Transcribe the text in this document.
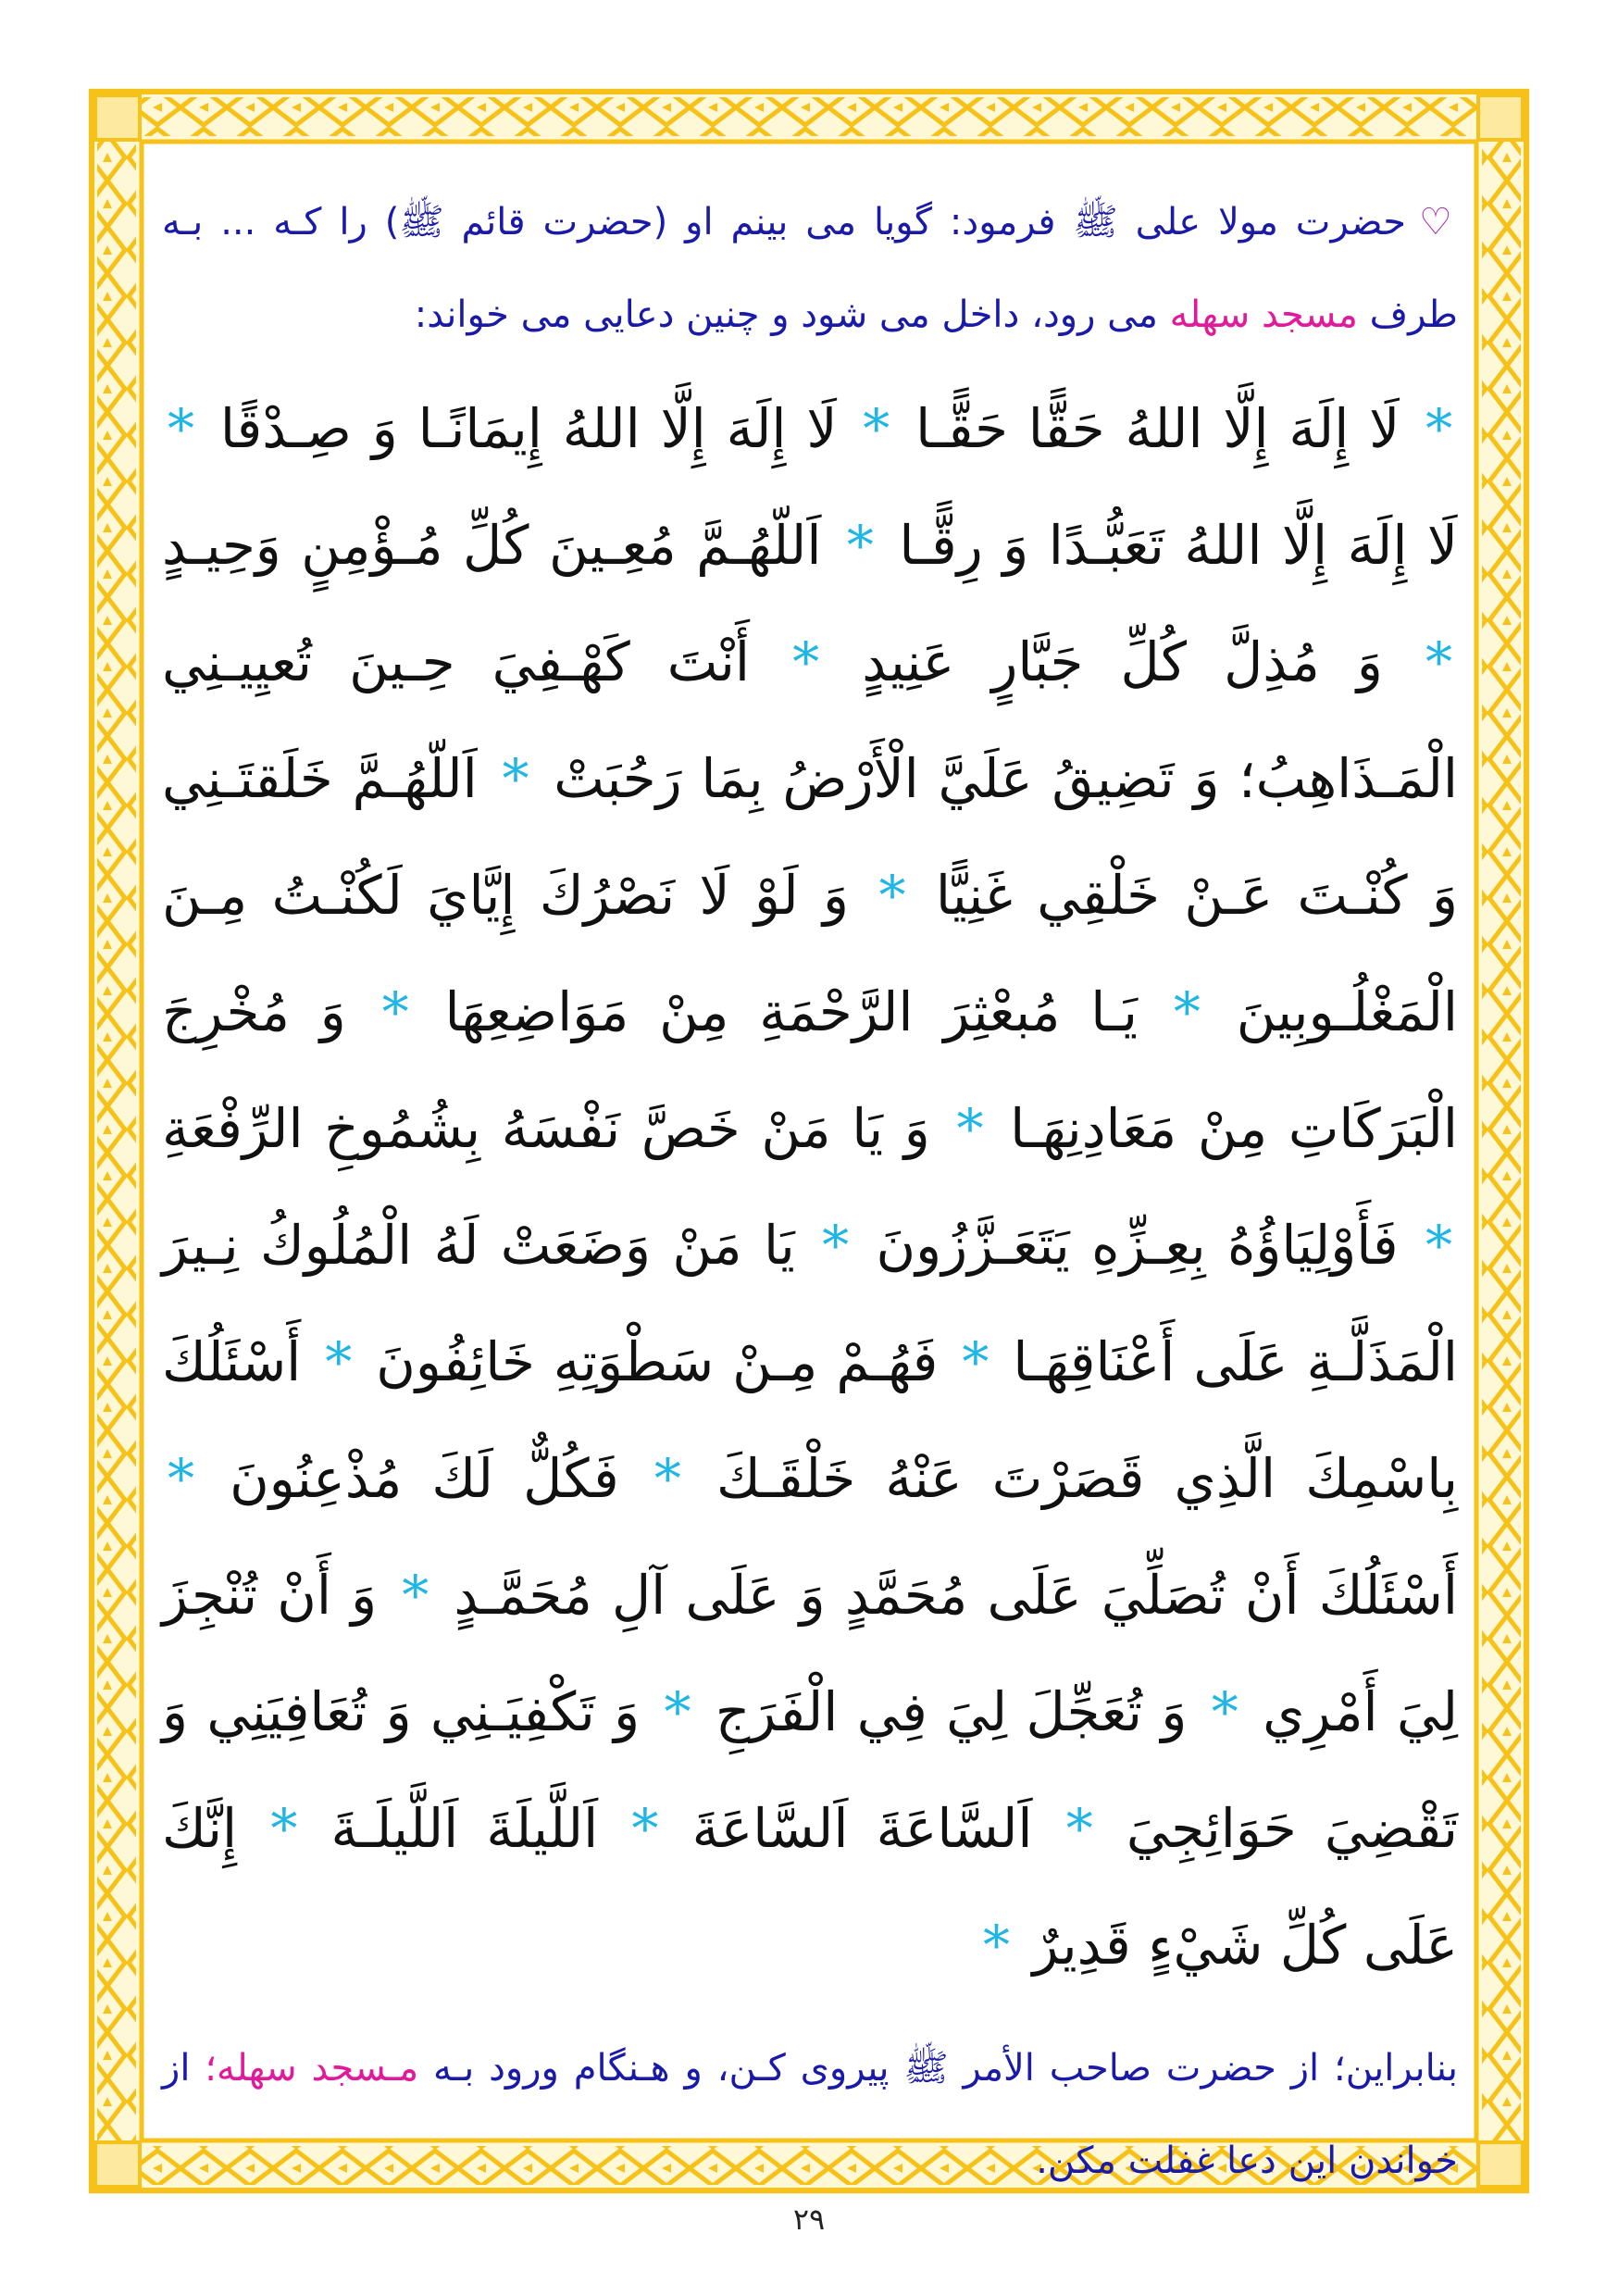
♡حضرت مولا علی ﷺ فرمود: گویا می بینم او (حضرت قائم ﷺ) را کـه ... بـه طرف مسجد سهله می رود، داخل می شود و چنین دعایی می خواند:

* لَا إِلَهَ إِلَّا اللهُ حَقًّا حَقًّـا * لَا إِلَهَ إِلَّا اللهُ إِيمَانًـا وَ صِـدْقًا * لَا إِلَهَ إِلَّا اللهُ تَعَبُّـدًا وَ رِقًّـا * اَللّهُـمَّ مُعِـينَ كُلِّ مُـؤْمِنٍ وَحِيـدٍ * وَ مُذِلَّ كُلِّ جَبَّارٍ عَنِيدٍ * أَنْتَ كَهْـفِيَ حِـينَ تُعيِيـنِي الْمَـذَاهِبُ؛ وَ تَضِيقُ عَلَيَّ الْأَرْضُ بِمَا رَحُبَتْ * اَللّهُـمَّ خَلَقتَـنِي وَ كُنْـتَ عَـنْ خَلْقِي غَنِيًّا * وَ لَوْ لَا نَصْرُكَ إِيَّايَ لَكُنْـتُ مِـنَ الْمَغْلُـوبِينَ * يَـا مُبعْثِرَ الرَّحْمَةِ مِنْ مَوَاضِعِهَا * وَ مُخْرِجَ الْبَرَكَاتِ مِنْ مَعَادِنِهَـا * وَ يَا مَنْ خَصَّ نَفْسَهُ بِشُمُوخِ الرِّفْعَةِ * فَأَوْلِيَاؤُهُ بِعِـزِّهِ يَتَعَـزَّزُونَ * يَا مَنْ وَضَعَتْ لَهُ الْمُلُوكُ نِـيرَ الْمَذَلَّـةِ عَلَى أَعْنَاقِهَـا * فَهُـمْ مِـنْ سَطْوَتِهِ خَائِفُونَ * أَسْئَلُكَ بِاسْمِكَ الَّذِي قَصَرْتَ عَنْهُ خَلْقَـكَ * فَكُلٌّ لَكَ مُذْعِنُونَ * أَسْئَلُكَ أَنْ تُصَلِّيَ عَلَى مُحَمَّدٍ وَ عَلَى آلِ مُحَمَّـدٍ * وَ أَنْ تُنْجِزَ لِيَ أَمْرِي * وَ تُعَجِّلَ لِيَ فِي الْفَرَجِ * وَ تَكْفِيَـنِي وَ تُعَافِيَنِي وَ تَقْضِيَ حَوَائِجِيَ * اَلسَّاعَةَ اَلسَّاعَةَ * اَللَّيلَةَ اَللَّيلَـةَ * إِنَّكَ عَلَى كُلِّ شَيْءٍ قَدِيرٌ *

بنابراین؛ از حضرت صاحب الأمر ﷺ پیروی کـن، و هـنگام ورود بـه مـسجد سهله؛ از خواندن این دعا غفلت مکن.

۲۹
